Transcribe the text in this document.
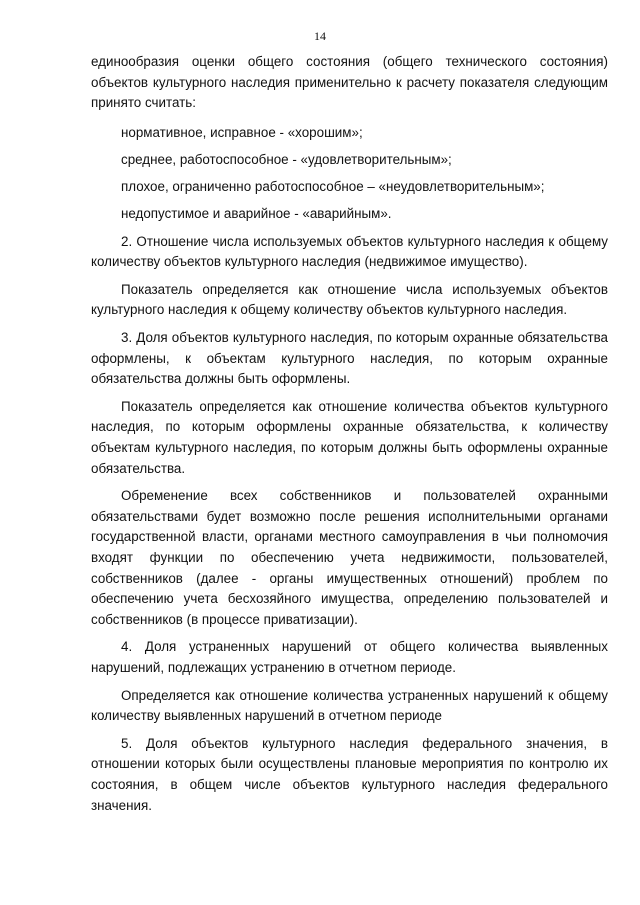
14

единообразия оценки общего состояния (общего технического состояния) объектов культурного наследия применительно к расчету показателя следующим принято считать:

нормативное, исправное - «хорошим»;

среднее, работоспособное - «удовлетворительным»;

плохое, ограниченно работоспособное – «неудовлетворительным»;

недопустимое и аварийное - «аварийным».

2. Отношение числа используемых объектов культурного наследия к общему количеству объектов культурного наследия (недвижимое имущество).

Показатель определяется как отношение числа используемых объектов культурного наследия к общему количеству объектов культурного наследия.

3. Доля объектов культурного наследия, по которым охранные обязательства оформлены, к объектам культурного наследия, по которым охранные обязательства должны быть оформлены.

Показатель определяется как отношение количества объектов культурного наследия, по которым оформлены охранные обязательства, к количеству объектам культурного наследия, по которым должны быть оформлены охранные обязательства.

Обременение всех собственников и пользователей охранными обязательствами будет возможно после решения исполнительными органами государственной власти, органами местного самоуправления в чьи полномочия входят функции по обеспечению учета недвижимости, пользователей, собственников (далее - органы имущественных отношений) проблем по обеспечению учета бесхозяйного имущества, определению пользователей и собственников (в процессе приватизации).

4. Доля устраненных нарушений от общего количества выявленных нарушений, подлежащих устранению в отчетном периоде.

Определяется как отношение количества устраненных нарушений к общему количеству выявленных нарушений в отчетном периоде

5. Доля объектов культурного наследия федерального значения, в отношении которых были осуществлены плановые мероприятия по контролю их состояния, в общем числе объектов культурного наследия федерального значения.
